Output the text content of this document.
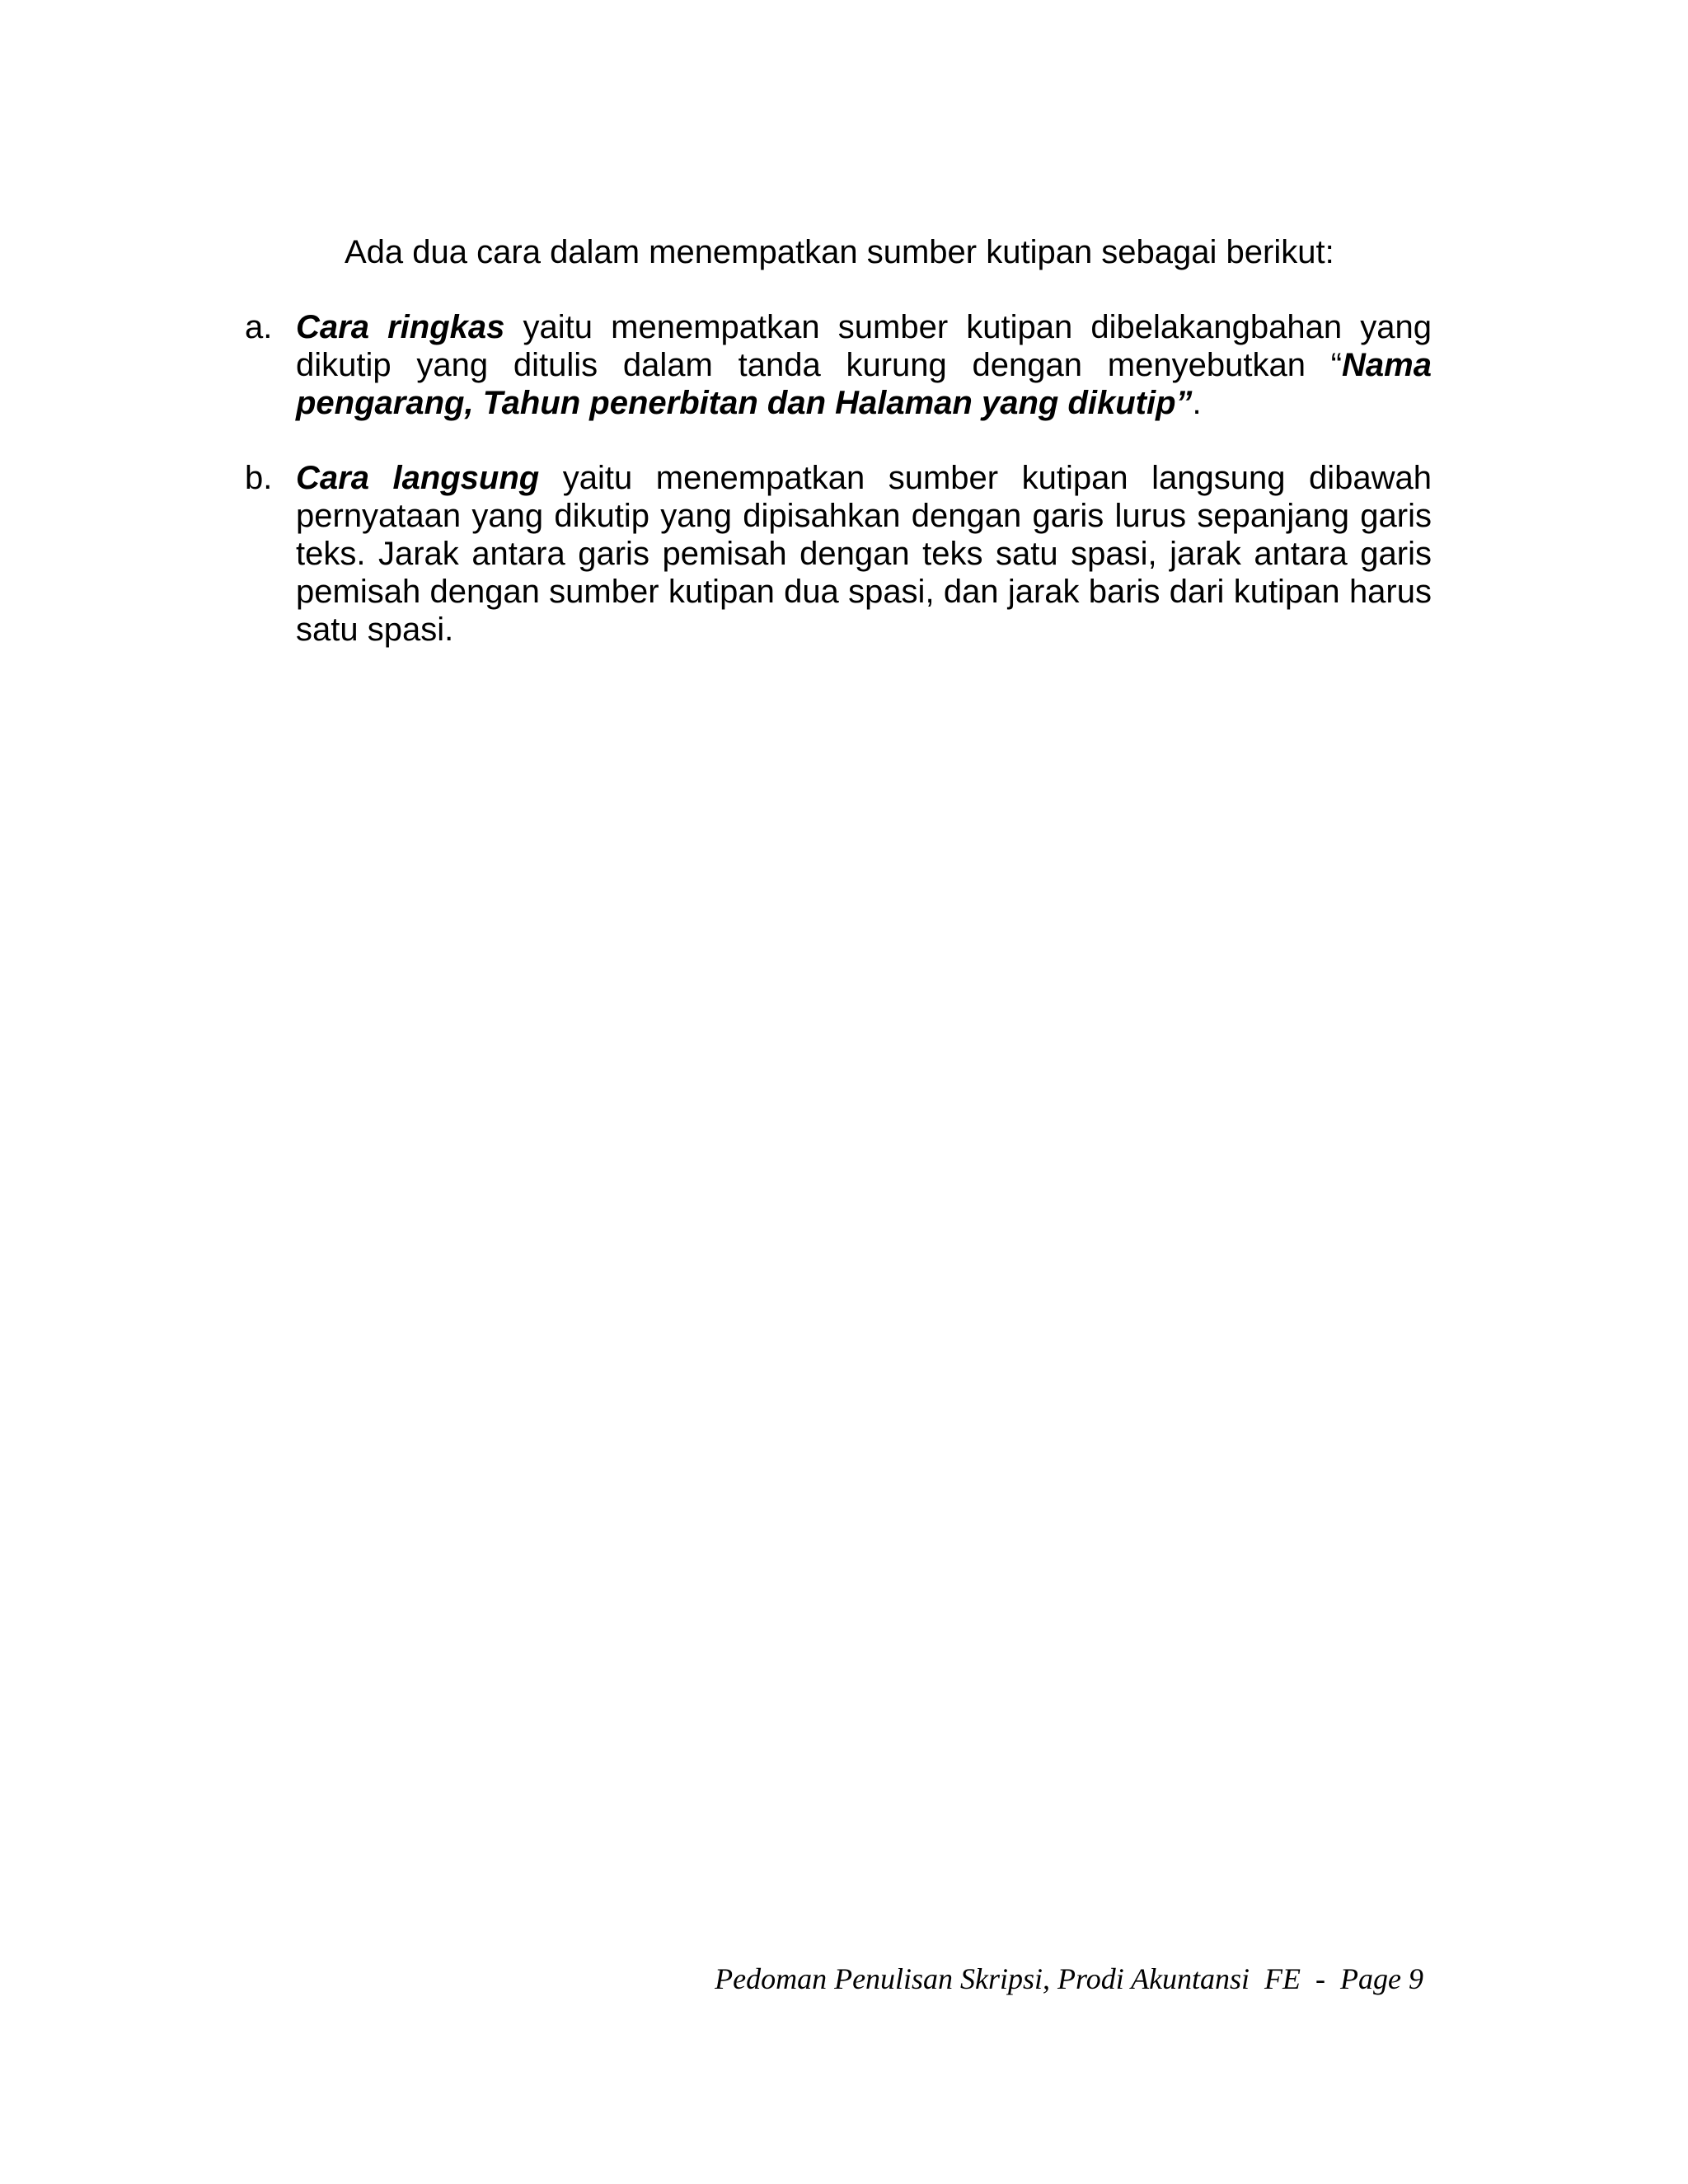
Ada dua cara dalam menempatkan sumber kutipan sebagai berikut:
a. Cara ringkas yaitu menempatkan sumber kutipan dibelakangbahan yang dikutip yang ditulis dalam tanda kurung dengan menyebutkan “Nama pengarang, Tahun penerbitan dan Halaman yang dikutip”.
b. Cara langsung yaitu menempatkan sumber kutipan langsung dibawah pernyataan yang dikutip yang dipisahkan dengan garis lurus sepanjang garis teks. Jarak antara garis pemisah dengan teks satu spasi, jarak antara garis pemisah dengan sumber kutipan dua spasi, dan jarak baris dari kutipan harus satu spasi.
Pedoman Penulisan Skripsi, Prodi Akuntansi  FE  -  Page 9
